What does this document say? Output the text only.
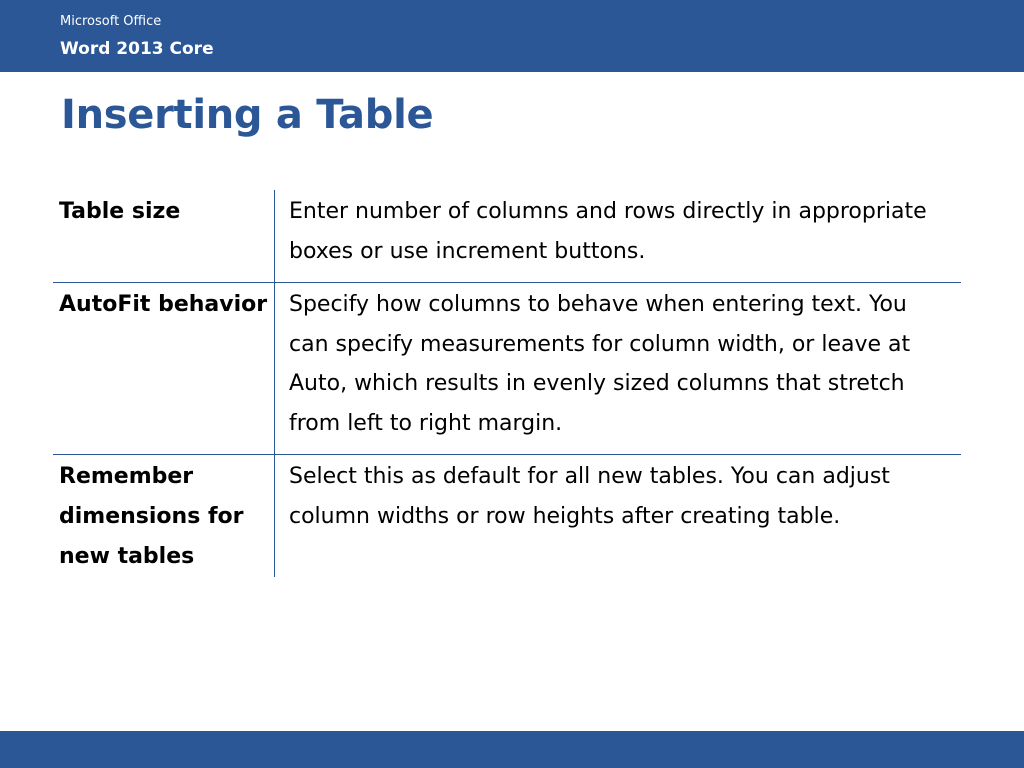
Microsoft Office
Word 2013 Core
Inserting a Table
Table size	Enter number of columns and rows directly in appropriate boxes or use increment buttons.
AutoFit behavior Specify how columns to behave when entering text. You can specify measurements for column width, or leave at Auto, which results in evenly sized columns that stretch from left to right margin.
Remember dimensions for new tables
Select this as default for all new tables. You can adjust column widths or row heights after creating table.
